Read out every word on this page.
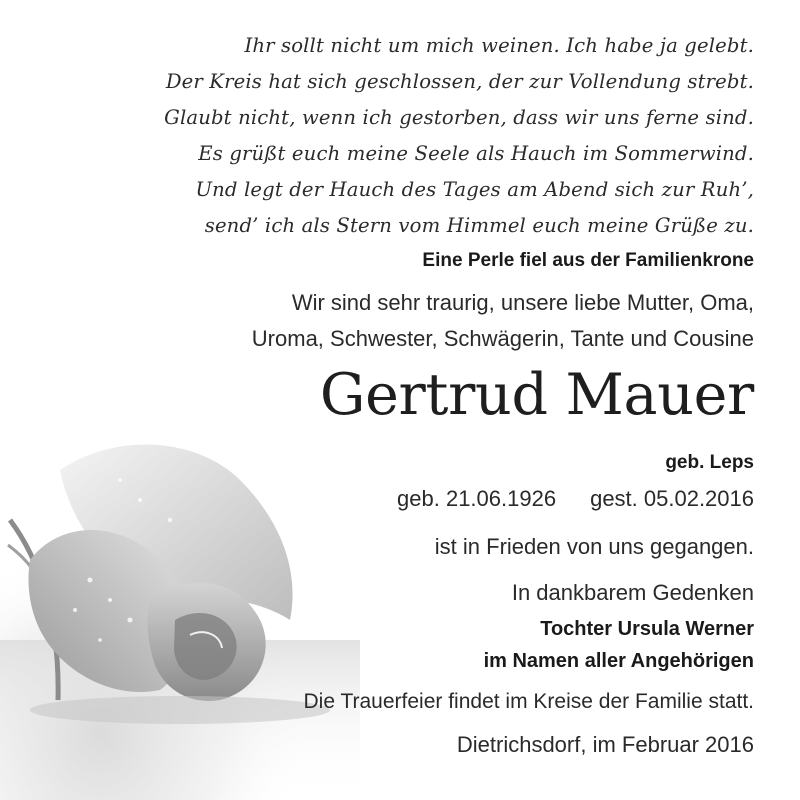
Ihr sollt nicht um mich weinen. Ich habe ja gelebt.
Der Kreis hat sich geschlossen, der zur Vollendung strebt.
Glaubt nicht, wenn ich gestorben, dass wir uns ferne sind.
Es grüßt euch meine Seele als Hauch im Sommerwind.
Und legt der Hauch des Tages am Abend sich zur Ruh’,
send’ ich als Stern vom Himmel euch meine Grüße zu.
Eine Perle fiel aus der Familienkrone
Wir sind sehr traurig, unsere liebe Mutter, Oma,
Uroma, Schwester, Schwägerin, Tante und Cousine
Gertrud Mauer
geb. Leps
geb. 21.06.1926 gest. 05.02.2016
ist in Frieden von uns gegangen.
In dankbarem Gedenken
Tochter Ursula Werner
im Namen aller Angehörigen
Die Trauerfeier findet im Kreise der Familie statt.
Dietrichsdorf, im Februar 2016
